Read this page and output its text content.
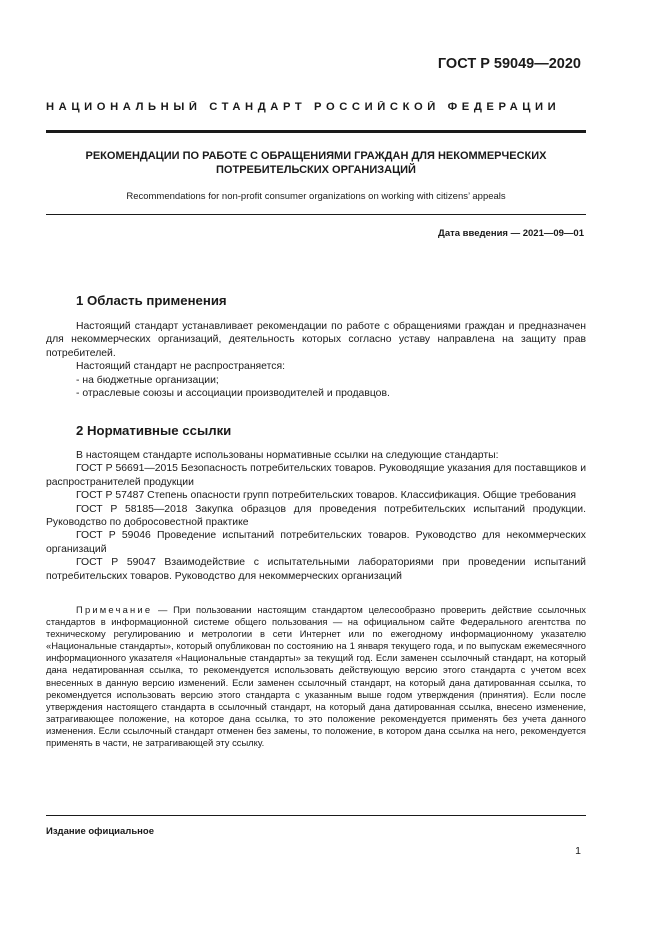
ГОСТ Р 59049—2020
НАЦИОНАЛЬНЫЙ СТАНДАРТ РОССИЙСКОЙ ФЕДЕРАЦИИ
РЕКОМЕНДАЦИИ ПО РАБОТЕ С ОБРАЩЕНИЯМИ ГРАЖДАН ДЛЯ НЕКОММЕРЧЕСКИХ
ПОТРЕБИТЕЛЬСКИХ ОРГАНИЗАЦИЙ
Recommendations for non-profit consumer organizations on working with citizens’ appeals
Дата введения — 2021—09—01
1 Область применения

Настоящий стандарт устанавливает рекомендации по работе с обращениями граждан и предназначен для некоммерческих организаций, деятельность которых согласно уставу направлена на защиту прав потребителей.

Настоящий стандарт не распространяется:

- на бюджетные организации;

- отраслевые союзы и ассоциации производителей и продавцов.

2 Нормативные ссылки

В настоящем стандарте использованы нормативные ссылки на следующие стандарты:

ГОСТ Р 56691—2015 Безопасность потребительских товаров. Руководящие указания для поставщиков и распространителей продукции

ГОСТ Р 57487 Степень опасности групп потребительских товаров. Классификация. Общие требования

ГОСТ Р 58185—2018 Закупка образцов для проведения потребительских испытаний продукции. Руководство по добросовестной практике

ГОСТ Р 59046 Проведение испытаний потребительских товаров. Руководство для некоммерческих организаций

ГОСТ Р 59047 Взаимодействие с испытательными лабораториями при проведении испытаний потребительских товаров. Руководство для некоммерческих организаций

Примечание — При пользовании настоящим стандартом целесообразно проверить действие ссылочных стандартов в информационной системе общего пользования — на официальном сайте Федерального агентства по техническому регулированию и метрологии в сети Интернет или по ежегодному информационному указателю «Национальные стандарты», который опубликован по состоянию на 1 января текущего года, и по выпускам ежемесячного информационного указателя «Национальные стандарты» за текущий год. Если заменен ссылочный стандарт, на который дана недатированная ссылка, то рекомендуется использовать действующую версию этого стандарта с учетом всех внесенных в данную версию изменений. Если заменен ссылочный стандарт, на который дана датированная ссылка, то рекомендуется использовать версию этого стандарта с указанным выше годом утверждения (принятия). Если после утверждения настоящего стандарта в ссылочный стандарт, на который дана датированная ссылка, внесено изменение, затрагивающее положение, на которое дана ссылка, то это положение рекомендуется применять без учета данного изменения. Если ссылочный стандарт отменен без замены, то положение, в котором дана ссылка на него, рекомендуется применять в части, не затрагивающей эту ссылку.

Издание официальное
1
